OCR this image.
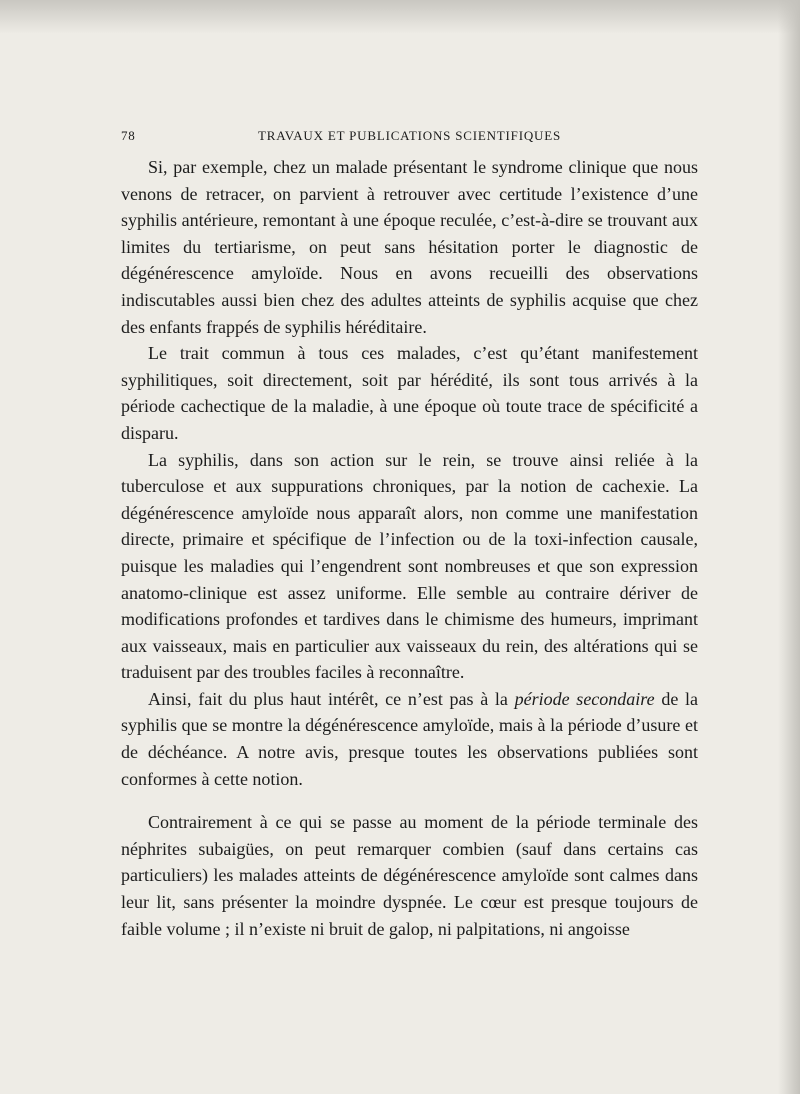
78	TRAVAUX ET PUBLICATIONS SCIENTIFIQUES

Si, par exemple, chez un malade présentant le syndrome clinique que nous venons de retracer, on parvient à retrouver avec certitude l’existence d’une syphilis antérieure, remontant à une époque reculée, c’est-à-dire se trouvant aux limites du tertiarisme, on peut sans hésitation porter le diagnostic de dégénérescence amyloïde. Nous en avons recueilli des observations indiscutables aussi bien chez des adultes atteints de syphilis acquise que chez des enfants frappés de syphilis héréditaire.

Le trait commun à tous ces malades, c’est qu’étant manifestement syphilitiques, soit directement, soit par hérédité, ils sont tous arrivés à la période cachectique de la maladie, à une époque où toute trace de spécificité a disparu.

La syphilis, dans son action sur le rein, se trouve ainsi reliée à la tuberculose et aux suppurations chroniques, par la notion de cachexie. La dégénérescence amyloïde nous apparaît alors, non comme une manifestation directe, primaire et spécifique de l’infection ou de la toxi-infection causale, puisque les maladies qui l’engendrent sont nombreuses et que son expression anatomo-clinique est assez uniforme. Elle semble au contraire dériver de modifications profondes et tardives dans le chimisme des humeurs, imprimant aux vaisseaux, mais en particulier aux vaisseaux du rein, des altérations qui se traduisent par des troubles faciles à reconnaître.

Ainsi, fait du plus haut intérêt, ce n’est pas à la période secondaire de la syphilis que se montre la dégénérescence amyloïde, mais à la période d’usure et de déchéance. A notre avis, presque toutes les observations publiées sont conformes à cette notion.

Contrairement à ce qui se passe au moment de la période terminale des néphrites subaigües, on peut remarquer combien (sauf dans certains cas particuliers) les malades atteints de dégénérescence amyloïde sont calmes dans leur lit, sans présenter la moindre dyspnée. Le cœur est presque toujours de faible volume ; il n’existe ni bruit de galop, ni palpitations, ni angoisse
